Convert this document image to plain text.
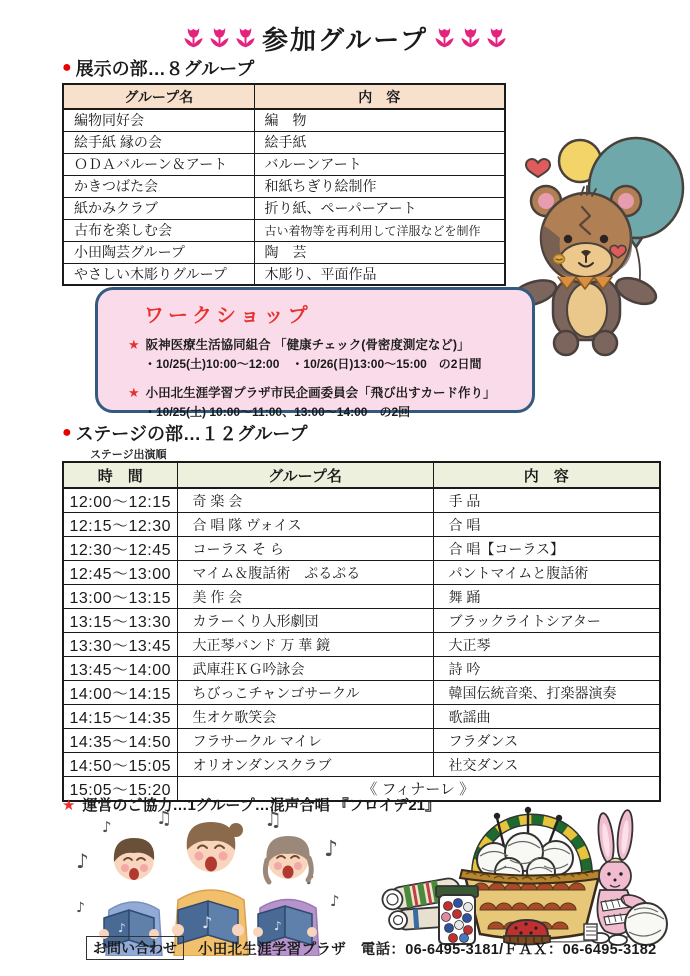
参加グループ
● 展示の部…８グループ
グループ名	内　容
編物同好会	編　物
絵手紙 縁の会	絵手紙
ＯＤＡバルーン＆アート	バルーンアート
かきつばた会	和紙ちぎり絵制作
紙かみクラブ	折り紙、ペーパーアート
古布を楽しむ会	古い着物等を再利用して洋服などを制作
小田陶芸グループ	陶　芸
やさしい木彫りグループ	木彫り、平面作品
ワークショップ
★ 阪神医療生活協同組合 「健康チェック(骨密度測定など)」
・10/25(土)10:00～12:00　・10/26(日)13:00～15:00　の2日間
★ 小田北生涯学習プラザ市民企画委員会「飛び出すカード作り」
・10/25(土) 10:00～11:00、13:00～14:00　の2回
● ステージの部…１２グループ
ステージ出演順
時　間	グループ名	内　容
12:00～12:15	奇 楽 会	手 品
12:15～12:30	合 唱 隊 ヴォイス	合 唱
12:30～12:45	コーラス そ ら	合 唱【コーラス】
12:45～13:00	マイム＆腹話術　ぷるぷる	パントマイムと腹話術
13:00～13:15	美 作 会	舞 踊
13:15～13:30	カラーくり人形劇団	ブラックライトシアター
13:30～13:45	大正琴バンド 万 華 鏡	大正琴
13:45～14:00	武庫荘ＫＧ吟詠会	詩 吟
14:00～14:15	ちびっこチャンゴサークル	韓国伝統音楽、打楽器演奏
14:15～14:35	生オケ歌笑会	歌謡曲
14:35～14:50	フラサークル マイレ	フラダンス
14:50～15:05	オリオンダンスクラブ	社交ダンス
15:05～15:20	《 フィナーレ 》	
★ 運営のご協力…1グループ…混声合唱 『フロイデ21』
♪
♪ ♫	♫
♪
♪
♪
♪
♪
♪	♪
お問い合わせ	小田北生涯学習プラザ　電話：06-6495-3181/ＦＡＸ：06-6495-3182
